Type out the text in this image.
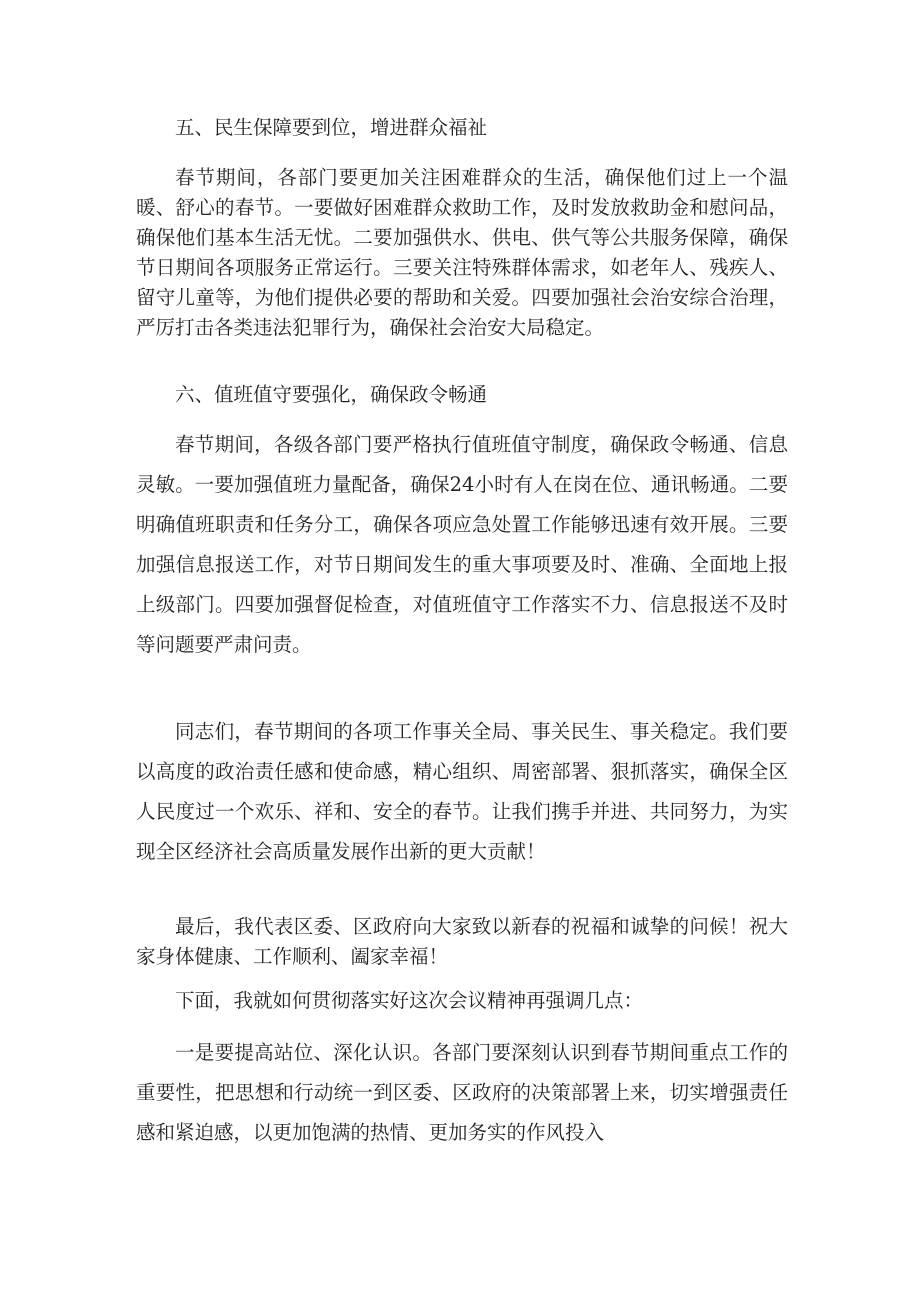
五、民生保障要到位，增进群众福祉

春节期间，各部门要更加关注困难群众的生活，确保他们过上一个温暖、舒心的春节。一要做好困难群众救助工作，及时发放救助金和慰问品，确保他们基本生活无忧。二要加强供水、供电、供气等公共服务保障，确保节日期间各项服务正常运行。三要关注特殊群体需求，如老年人、残疾人、留守儿童等，为他们提供必要的帮助和关爱。四要加强社会治安综合治理，严厉打击各类违法犯罪行为，确保社会治安大局稳定。

六、值班值守要强化，确保政令畅通

春节期间，各级各部门要严格执行值班值守制度，确保政令畅通、信息灵敏。一要加强值班力量配备，确保24小时有人在岗在位、通讯畅通。二要明确值班职责和任务分工，确保各项应急处置工作能够迅速有效开展。三要加强信息报送工作，对节日期间发生的重大事项要及时、准确、全面地上报上级部门。四要加强督促检查，对值班值守工作落实不力、信息报送不及时等问题要严肃问责。

同志们，春节期间的各项工作事关全局、事关民生、事关稳定。我们要以高度的政治责任感和使命感，精心组织、周密部署、狠抓落实，确保全区人民度过一个欢乐、祥和、安全的春节。让我们携手并进、共同努力，为实现全区经济社会高质量发展作出新的更大贡献！

最后，我代表区委、区政府向大家致以新春的祝福和诚挚的问候！祝大家身体健康、工作顺利、阖家幸福！

下面，我就如何贯彻落实好这次会议精神再强调几点：

一是要提高站位、深化认识。各部门要深刻认识到春节期间重点工作的重要性，把思想和行动统一到区委、区政府的决策部署上来，切实增强责任感和紧迫感，以更加饱满的热情、更加务实的作风投入
